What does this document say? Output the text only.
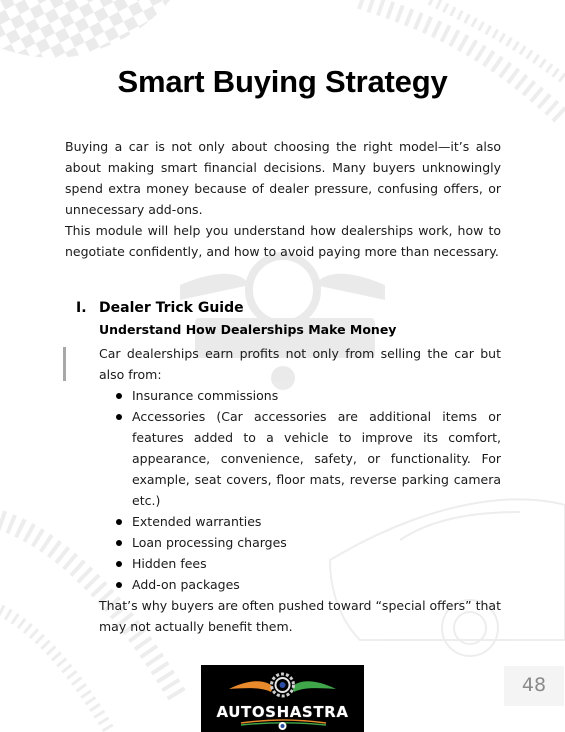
Smart Buying Strategy

Buying a car is not only about choosing the right model—it’s also about making smart financial decisions. Many buyers unknowingly spend extra money because of dealer pressure, confusing offers, or unnecessary add-ons.

This module will help you understand how dealerships work, how to negotiate confidently, and how to avoid paying more than necessary.

I. Dealer Trick Guide
Understand How Dealerships Make Money

Car dealerships earn profits not only from selling the car but also from:

Insurance commissions
Accessories (Car accessories are additional items or features added to a vehicle to improve its comfort, appearance, convenience, safety, or functionality. For example, seat covers, floor mats, reverse parking camera etc.)
Extended warranties
Loan processing charges
Hidden fees
Add-on packages

That’s why buyers are often pushed toward “special offers” that may not actually benefit them.

AUTOSHASTRA
48
